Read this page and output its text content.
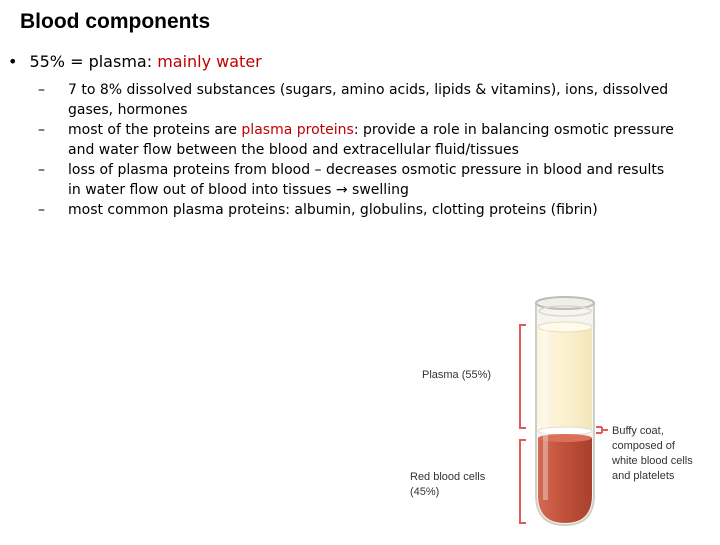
Blood components
• 55% = plasma: mainly water
– 7 to 8% dissolved substances (sugars, amino acids, lipids & vitamins), ions, dissolved gases, hormones
– most of the proteins are plasma proteins: provide a role in balancing osmotic pressure and water flow between the blood and extracellular fluid/tissues
– loss of plasma proteins from blood – decreases osmotic pressure in blood and results in water flow out of blood into tissues → swelling
– most common plasma proteins: albumin, globulins, clotting proteins (fibrin)
Plasma (55%)
Red blood cells
(45%)
Buffy coat,
composed of
white blood cells
and platelets
